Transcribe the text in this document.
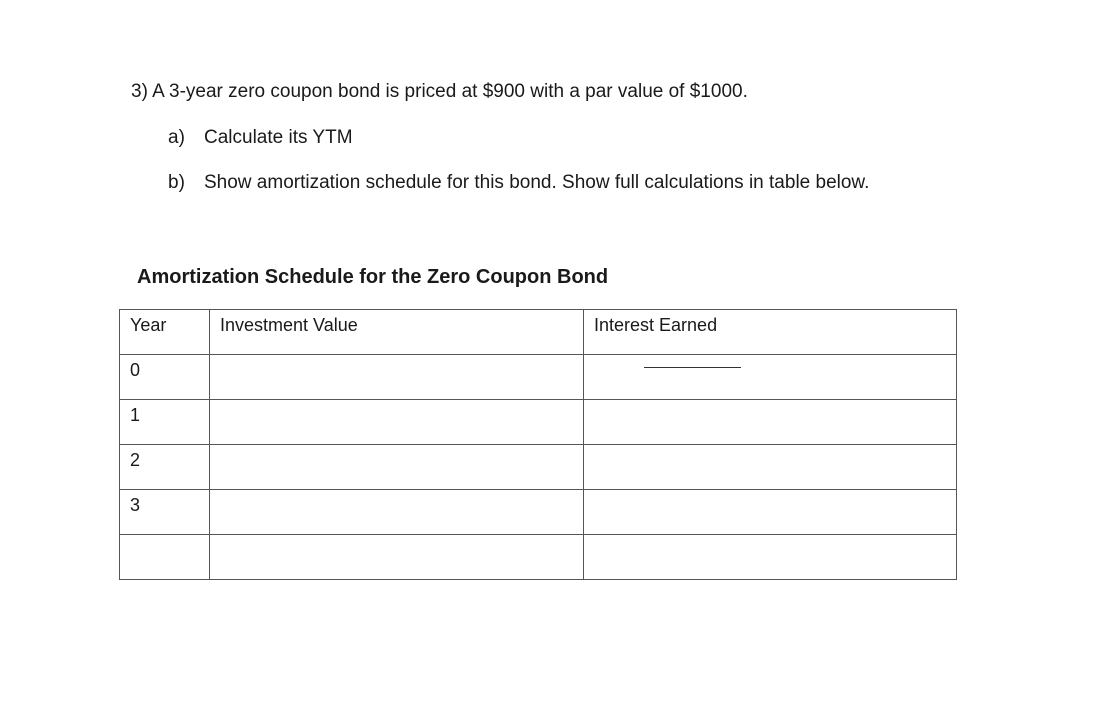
3) A 3-year zero coupon bond is priced at $900 with a par value of $1000.
a) Calculate its YTM
b) Show amortization schedule for this bond. Show full calculations in table below.
Amortization Schedule for the Zero Coupon Bond
Year	Investment Value	Interest Earned
0		

1		
2		
3		
